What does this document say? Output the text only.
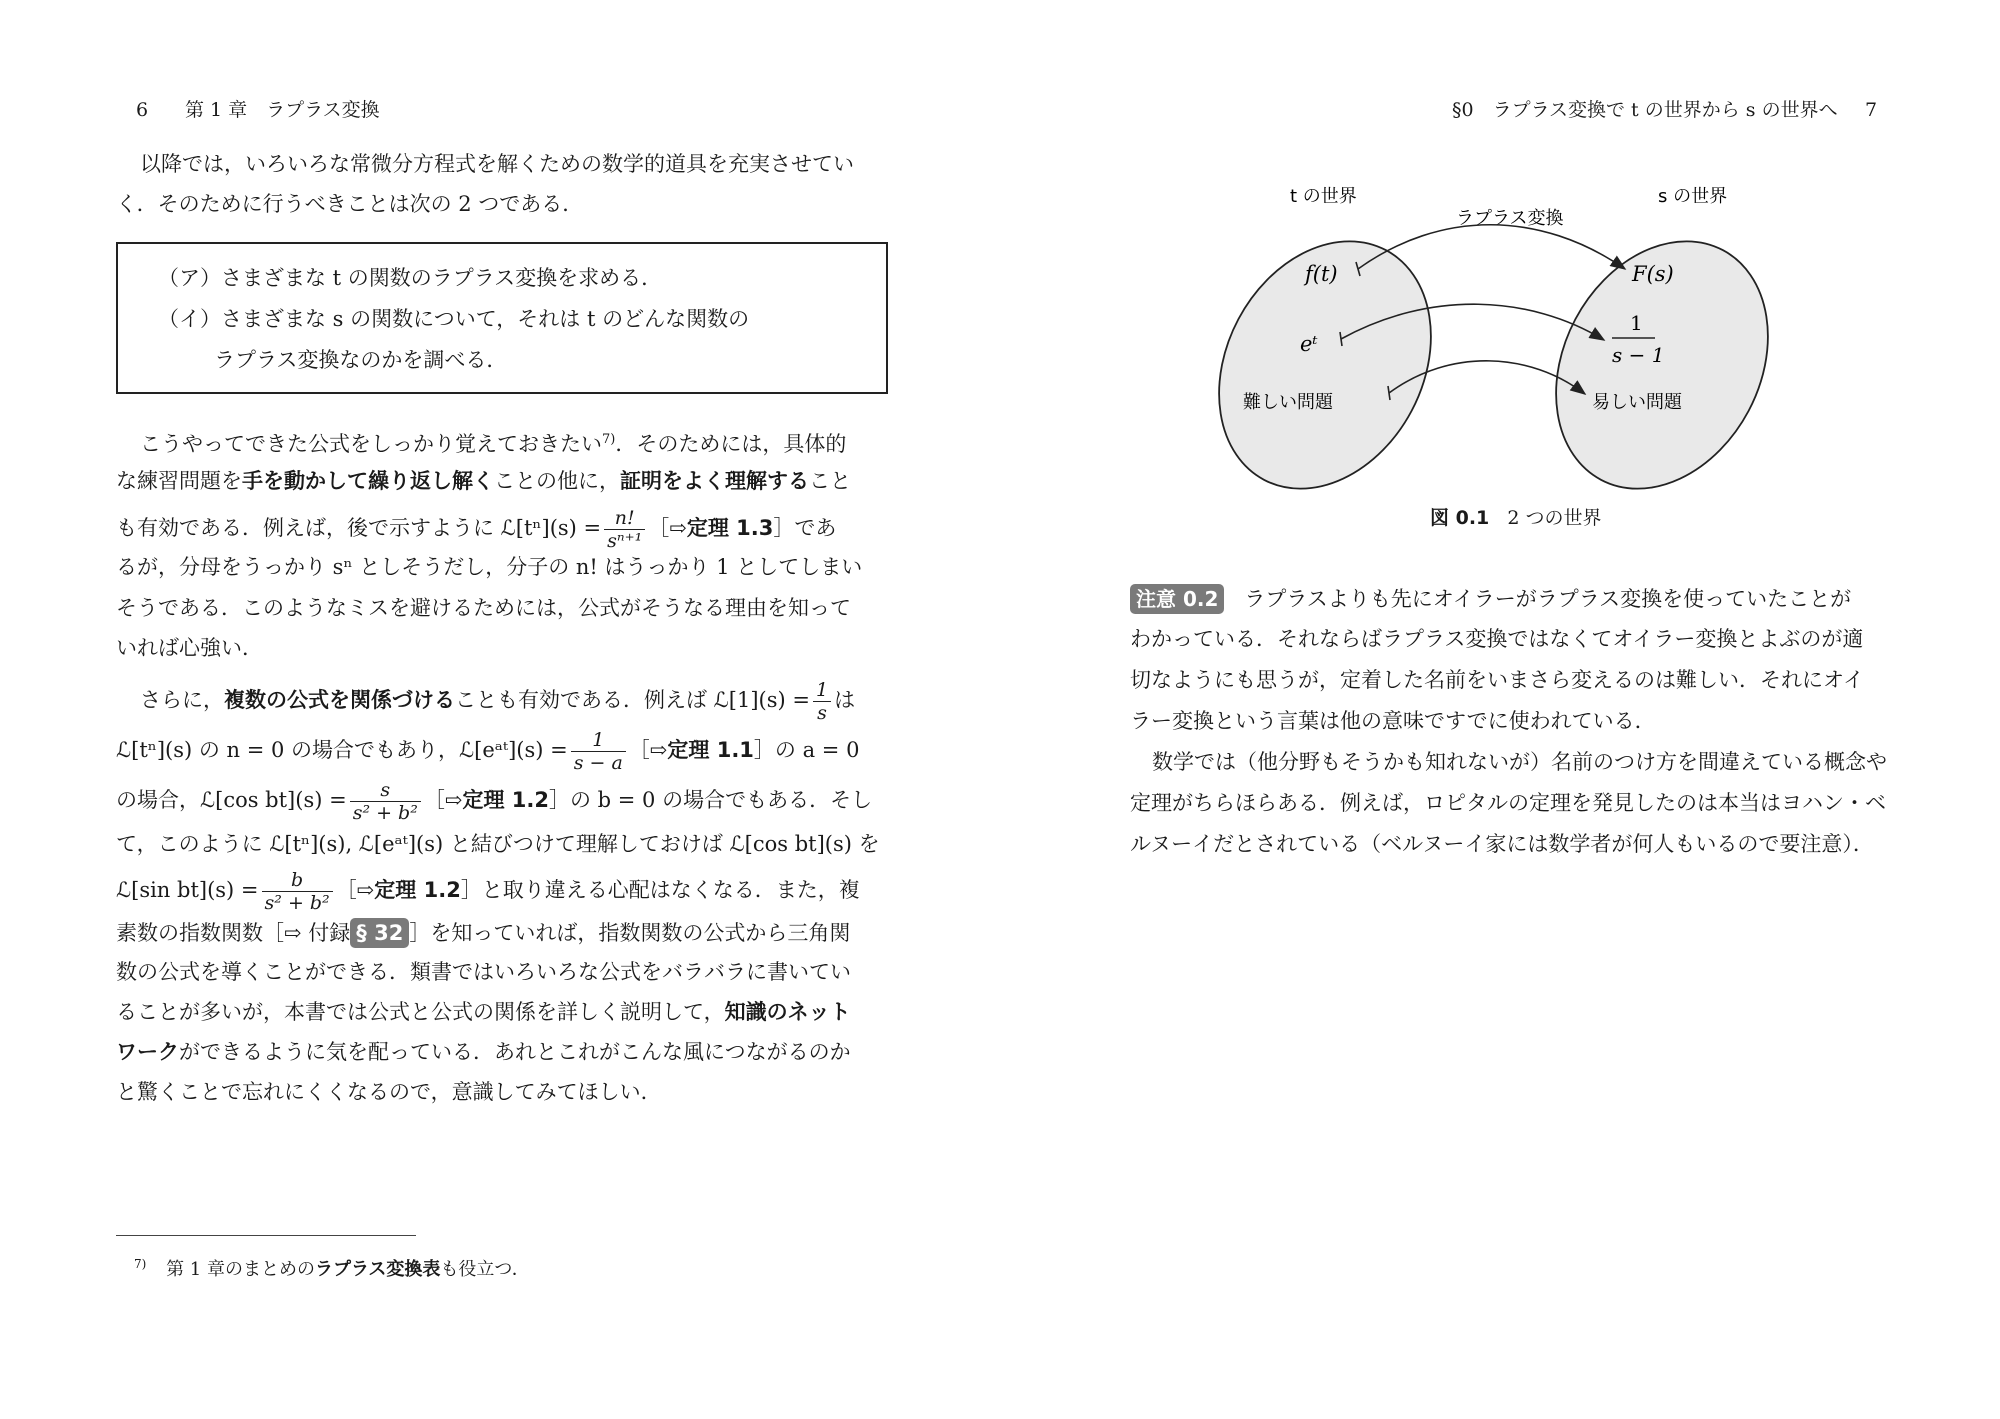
6 第 1 章　ラプラス変換
以降では，いろいろな常微分方程式を解くための数学的道具を充実させてい
く．そのために行うべきことは次の 2 つである．
（ア）さまざまな t の関数のラプラス変換を求める．
（イ）さまざまな s の関数について，それは t のどんな関数の
ラプラス変換なのかを調べる．
こうやってできた公式をしっかり覚えておきたい$^{7)}$．そのためには，具体的
な練習問題を手を動かして繰り返し解くことの他に，証明をよく理解すること
も有効である．例えば，後で示すように ℒ[tⁿ](s) = $\frac{n!}{\text{sⁿ⁺¹}}$ ［⇨定理 1.3］であ
るが，分母をうっかり sⁿ としそうだし，分子の n! はうっかり 1 としてしまい
そうである．このようなミスを避けるためには，公式がそうなる理由を知って
いれば心強い．
さらに，複数の公式を関係づけることも有効である．例えば ℒ[1](s) = $\frac{1}{s}$ は
ℒ[tⁿ](s) の n = 0 の場合でもあり，ℒ[eᵃᵗ](s) = $\frac{1}{s - a}$ ［⇨定理 1.1］の a = 0
の場合，ℒ[cos $bt](s) = \frac{s}{\text{s² + b²}}$ ［⇨定理 1.2］の b = 0 の場合でもある．そし
て，このように ℒ[tⁿ](s), ℒ[eᵃᵗ](s) と結びつけて理解しておけば ℒ[cos bt](s) を
ℒ[sin $bt](s) = \frac{b}{\text{s² + b²}}$ ［⇨定理 1.2］と取り違える心配はなくなる．また，複
素数の指数関数［⇨ 付録 § 32 ］を知っていれば，指数関数の公式から三角関
数の公式を導くことができる．類書ではいろいろな公式をバラバラに書いてい
ることが多いが，本書では公式と公式の関係を詳しく説明して，知識のネット
ワークができるように気を配っている．あれとこれがこんな風につながるのか
と驚くことで忘れにくくなるので，意識してみてほしい．
$^{7)}$ 第 1 章のまとめのラプラス変換表も役立つ．
§0　ラプラス変換で t の世界から s の世界へ 7
t の世界	s の世界
ラプラス変換
f(t)
eᵗ
難しい問題
F(s)
1
s − 1
易しい問題
図 0.1 2 つの世界
注意 0.2 ラプラスよりも先にオイラーがラプラス変換を使っていたことが
わかっている．それならばラプラス変換ではなくてオイラー変換とよぶのが適
切なようにも思うが，定着した名前をいまさら変えるのは難しい．それにオイ
ラー変換という言葉は他の意味ですでに使われている．
数学では（他分野もそうかも知れないが）名前のつけ方を間違えている概念や
定理がちらほらある．例えば，ロピタルの定理を発見したのは本当はヨハン・ベ
ルヌーイだとされている（ベルヌーイ家には数学者が何人もいるので要注意）．
